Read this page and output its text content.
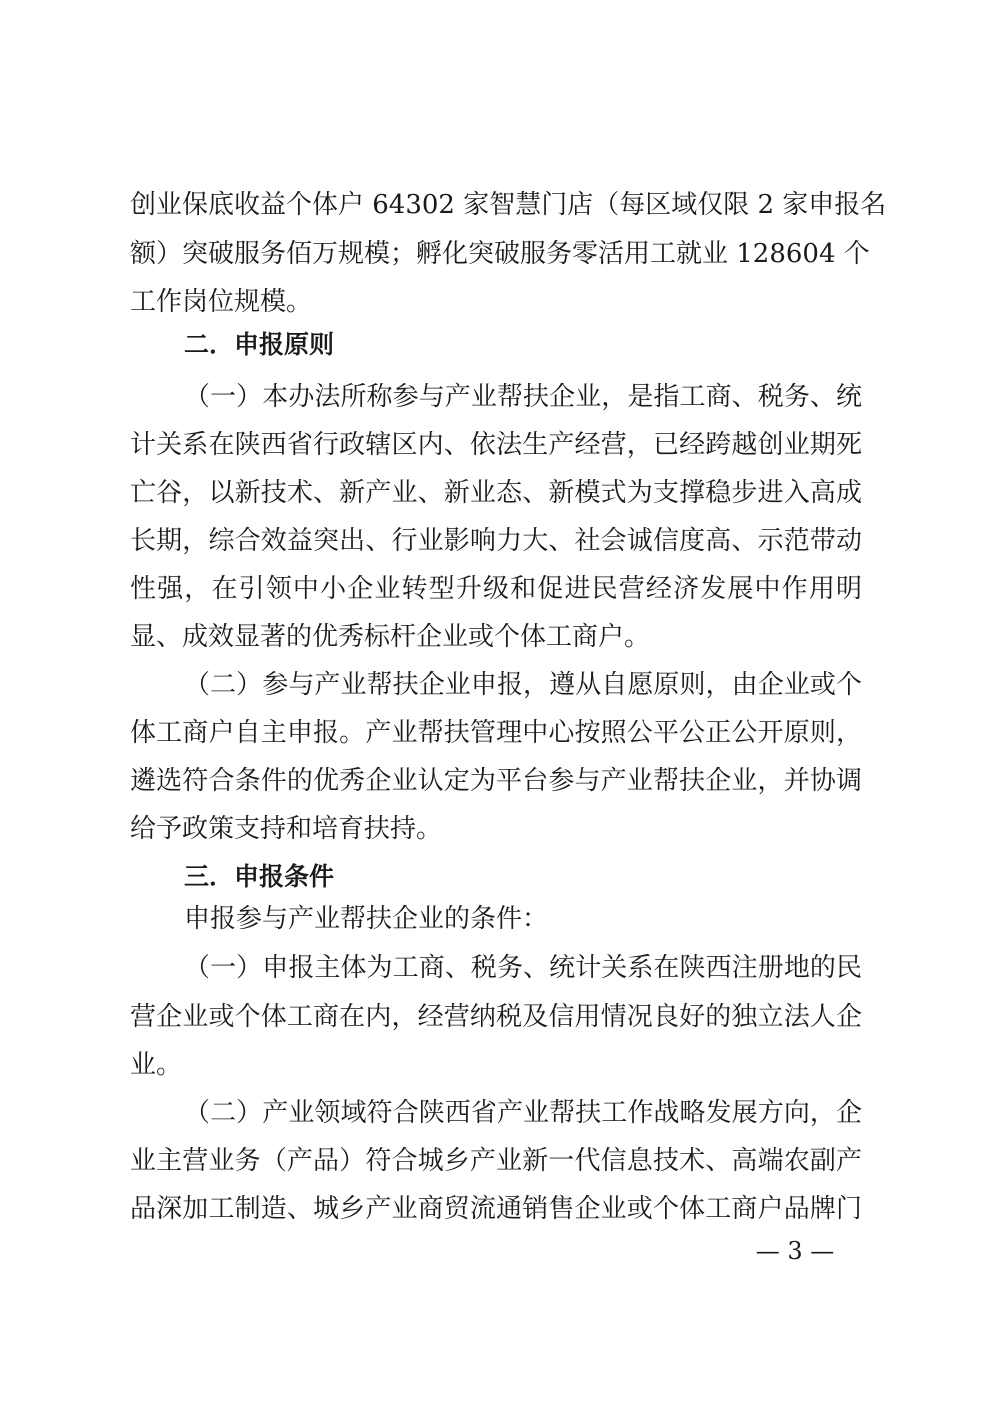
创业保底收益个体户 64302 家智慧门店（每区域仅限 2 家申报名
额）突破服务佰万规模；孵化突破服务零活用工就业 128604 个
工作岗位规模。
二．申报原则
（一）本办法所称参与产业帮扶企业，是指工商、税务、统
计关系在陕西省行政辖区内、依法生产经营，已经跨越创业期死
亡谷，以新技术、新产业、新业态、新模式为支撑稳步进入高成
长期，综合效益突出、行业影响力大、社会诚信度高、示范带动
性强，在引领中小企业转型升级和促进民营经济发展中作用明
显、成效显著的优秀标杆企业或个体工商户。
（二）参与产业帮扶企业申报，遵从自愿原则，由企业或个
体工商户自主申报。产业帮扶管理中心按照公平公正公开原则，
遴选符合条件的优秀企业认定为平台参与产业帮扶企业，并协调
给予政策支持和培育扶持。
三．申报条件
申报参与产业帮扶企业的条件：
（一）申报主体为工商、税务、统计关系在陕西注册地的民
营企业或个体工商在内，经营纳税及信用情况良好的独立法人企
业。
（二）产业领域符合陕西省产业帮扶工作战略发展方向，企
业主营业务（产品）符合城乡产业新一代信息技术、高端农副产
品深加工制造、城乡产业商贸流通销售企业或个体工商户品牌门
— 3 —
